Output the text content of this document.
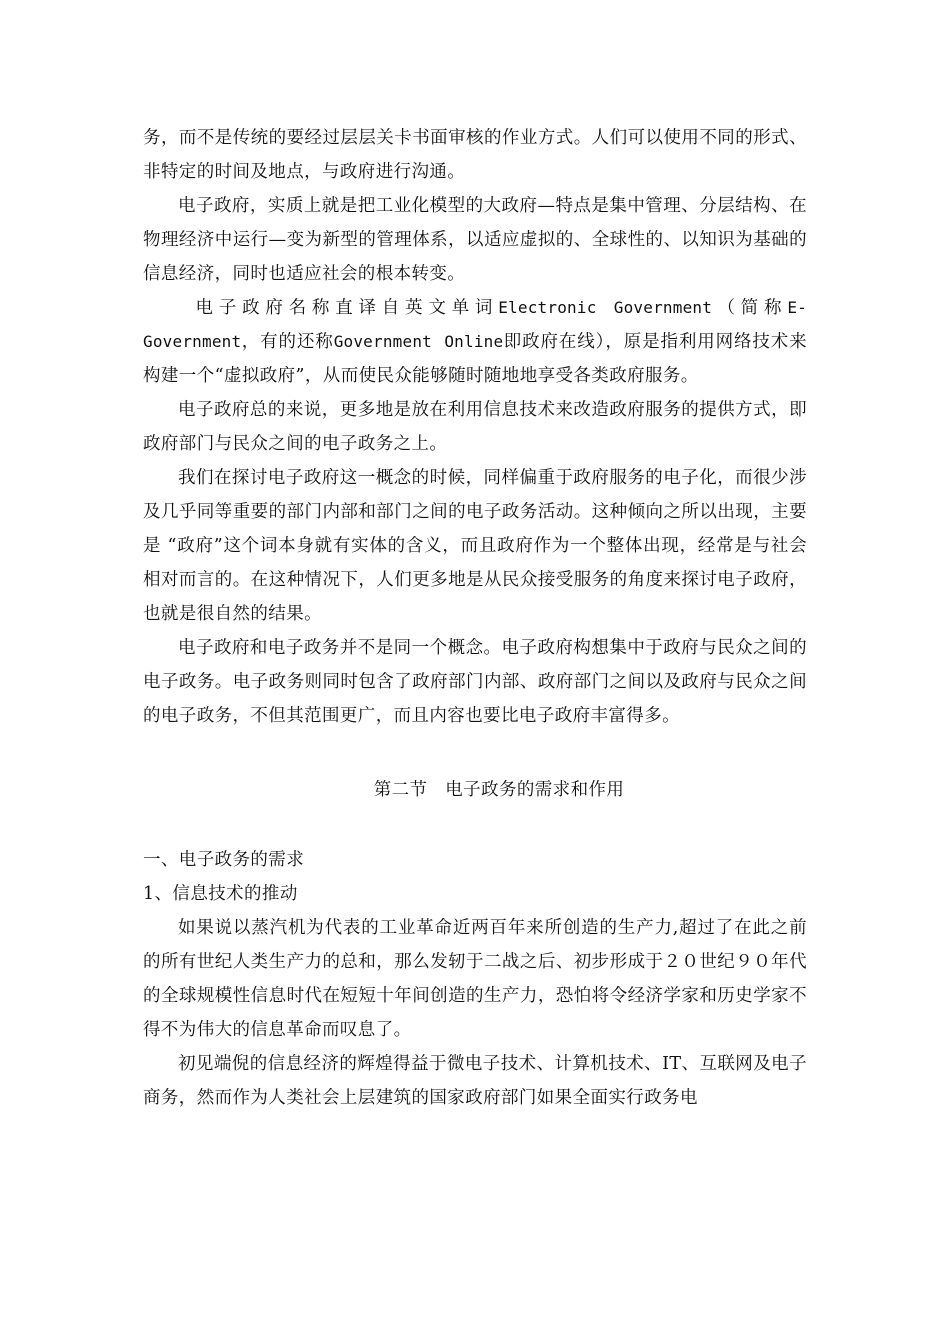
务，而不是传统的要经过层层关卡书面审核的作业方式。人们可以使用不同的形式、非特定的时间及地点，与政府进行沟通。

电子政府，实质上就是把工业化模型的大政府—特点是集中管理、分层结构、在物理经济中运行—变为新型的管理体系，以适应虚拟的、全球性的、以知识为基础的信息经济，同时也适应社会的根本转变。

电子政府名称直译自英文单词Electronic Government（简称E-Government，有的还称Government Online即政府在线），原是指利用网络技术来构建一个“虚拟政府”，从而使民众能够随时随地地享受各类政府服务。

电子政府总的来说，更多地是放在利用信息技术来改造政府服务的提供方式，即政府部门与民众之间的电子政务之上。

我们在探讨电子政府这一概念的时候，同样偏重于政府服务的电子化，而很少涉及几乎同等重要的部门内部和部门之间的电子政务活动。这种倾向之所以出现，主要是 “政府”这个词本身就有实体的含义，而且政府作为一个整体出现，经常是与社会相对而言的。在这种情况下，人们更多地是从民众接受服务的角度来探讨电子政府，也就是很自然的结果。

电子政府和电子政务并不是同一个概念。电子政府构想集中于政府与民众之间的电子政务。电子政务则同时包含了政府部门内部、政府部门之间以及政府与民众之间的电子政务，不但其范围更广，而且内容也要比电子政府丰富得多。

第二节　电子政务的需求和作用

一、电子政务的需求

1、信息技术的推动

如果说以蒸汽机为代表的工业革命近两百年来所创造的生产力,超过了在此之前的所有世纪人类生产力的总和，那么发轫于二战之后、初步形成于２０世纪９０年代的全球规模性信息时代在短短十年间创造的生产力，恐怕将令经济学家和历史学家不得不为伟大的信息革命而叹息了。

初见端倪的信息经济的辉煌得益于微电子技术、计算机技术、IT、互联网及电子商务，然而作为人类社会上层建筑的国家政府部门如果全面实行政务电
